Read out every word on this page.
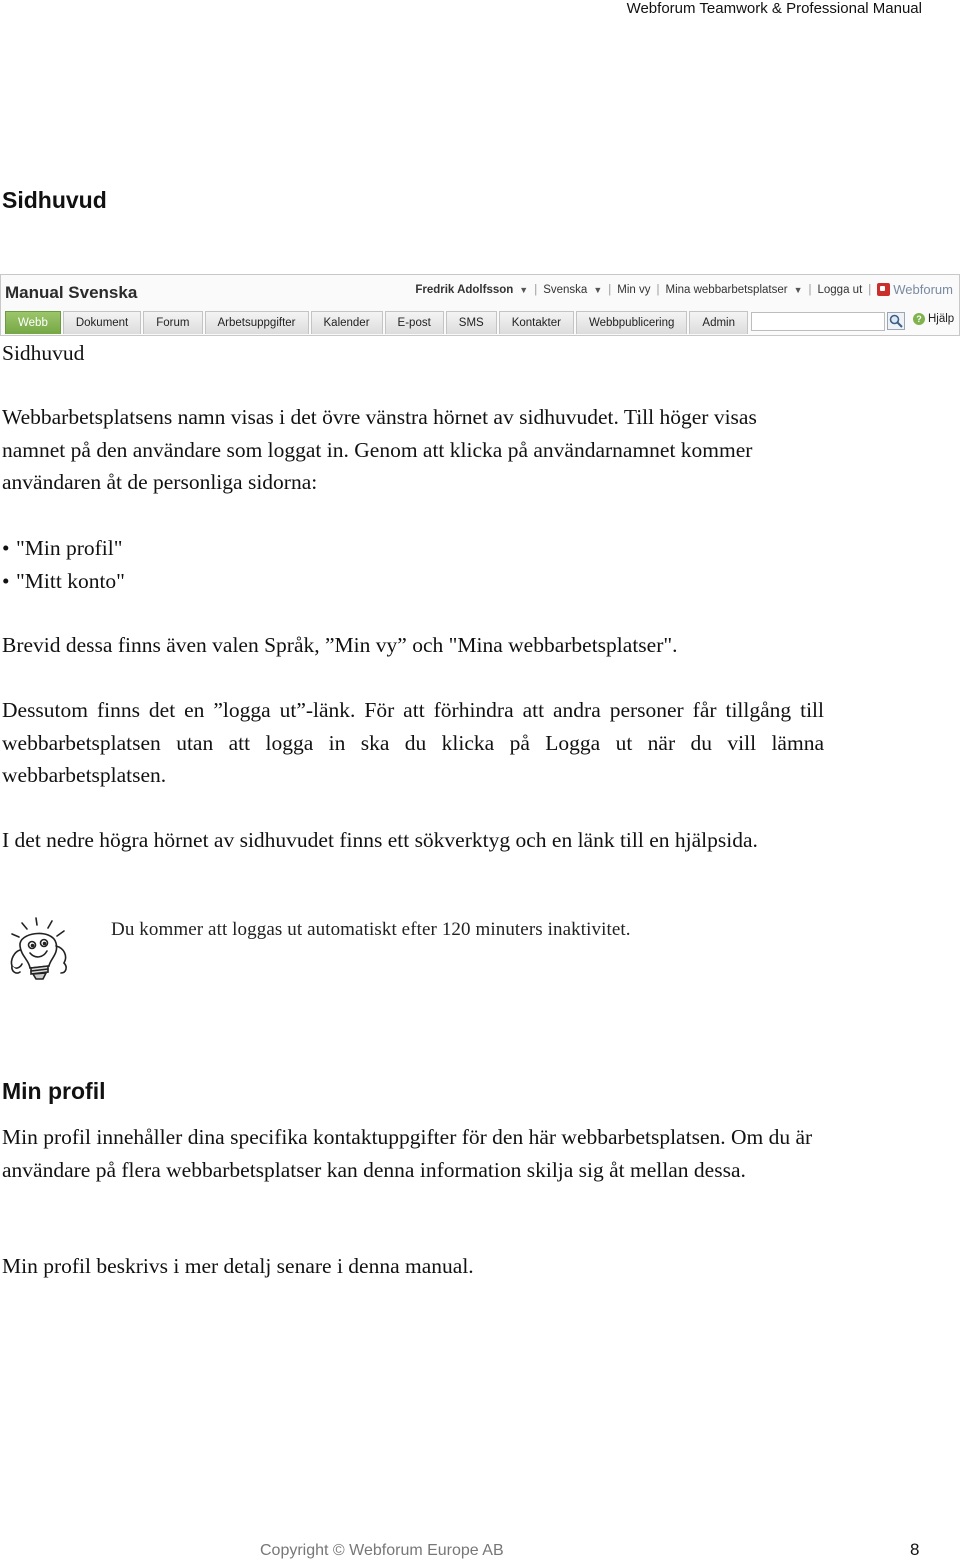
Webforum Teamwork & Professional Manual
Sidhuvud
Manual Svenska	Fredrik Adolfsson ▼ | Svenska ▼ | Min vy | Mina webbarbetsplatser ▼ | Logga ut | Webforum
Webb	Dokument	Forum	Arbetsuppgifter	Kalender	E-post	SMS	Kontakter	Webbpublicering	Admin	? Hjälp
Sidhuvud
Webbarbetsplatsens namn visas i det övre vänstra hörnet av sidhuvudet. Till höger visas namnet på den användare som loggat in. Genom att klicka på användarnamnet kommer användaren åt de personliga sidorna:
• "Min profil"
• "Mitt konto"
Brevid dessa finns även valen Språk, ”Min vy” och "Mina webbarbetsplatser".
Dessutom finns det en ”logga ut”-länk. För att förhindra att andra personer får tillgång till webbarbetsplatsen utan att logga in ska du klicka på Logga ut när du vill lämna webbarbetsplatsen.
I det nedre högra hörnet av sidhuvudet finns ett sökverktyg och en länk till en hjälpsida.
Du kommer att loggas ut automatiskt efter 120 minuters inaktivitet.
Min profil
Min profil innehåller dina specifika kontaktuppgifter för den här webbarbetsplatsen. Om du är användare på flera webbarbetsplatser kan denna information skilja sig åt mellan dessa.
Min profil beskrivs i mer detalj senare i denna manual.
Copyright © Webforum Europe AB	8
